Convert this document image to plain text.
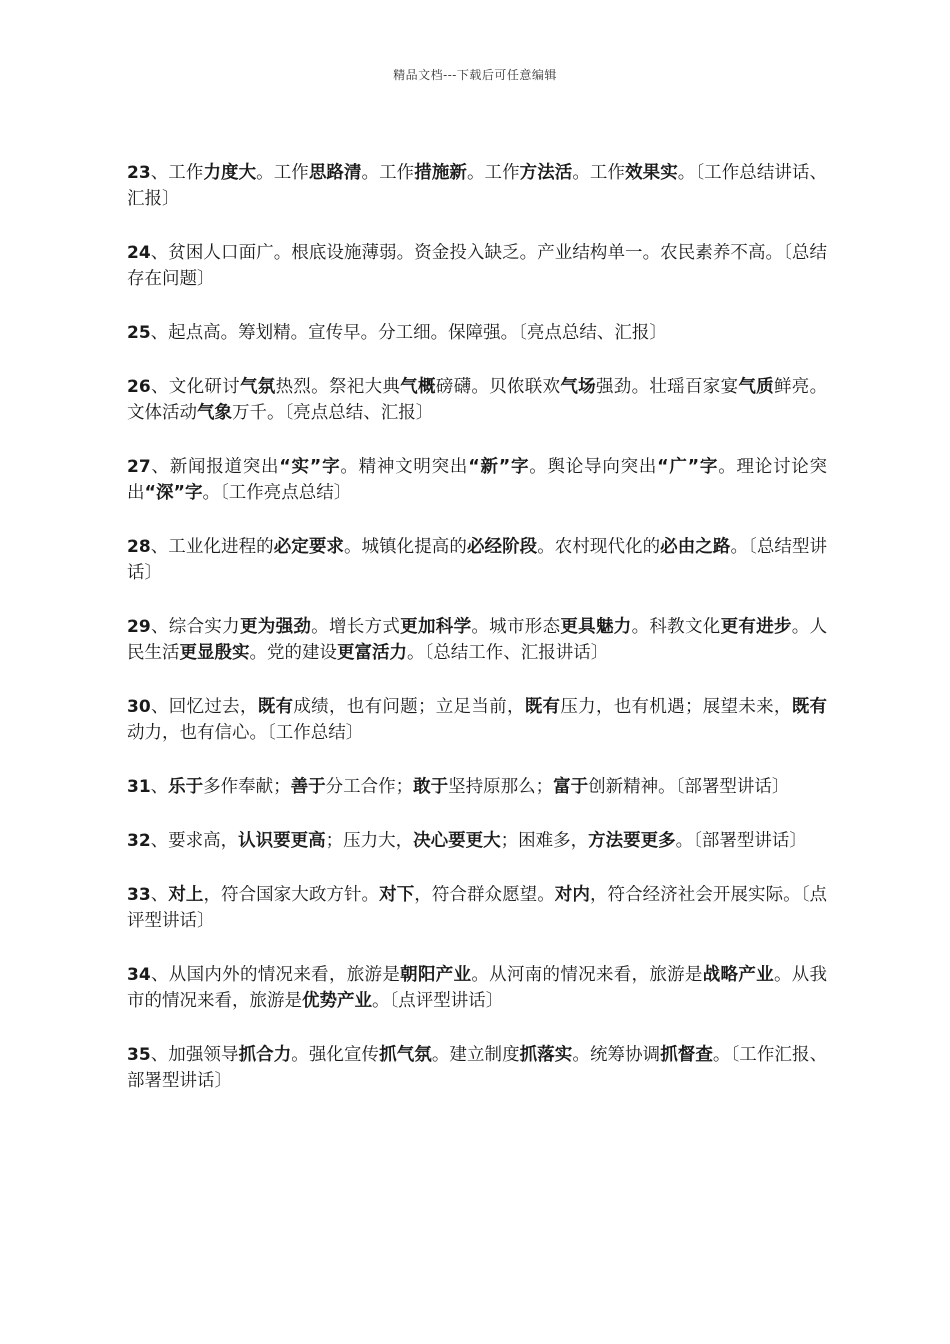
精品文档---下载后可任意编辑

23、工作力度大。工作思路清。工作措施新。工作方法活。工作效果实。〔工作总结讲话、汇报〕

24、贫困人口面广。根底设施薄弱。资金投入缺乏。产业结构单一。农民素养不高。〔总结存在问题〕

25、起点高。筹划精。宣传早。分工细。保障强。〔亮点总结、汇报〕

26、文化研讨气氛热烈。祭祀大典气概磅礴。贝侬联欢气场强劲。壮瑶百家宴气质鲜亮。文体活动气象万千。〔亮点总结、汇报〕

27、新闻报道突出“实”字。精神文明突出“新”字。舆论导向突出“广”字。理论讨论突出“深”字。〔工作亮点总结〕

28、工业化进程的必定要求。城镇化提高的必经阶段。农村现代化的必由之路。〔总结型讲话〕

29、综合实力更为强劲。增长方式更加科学。城市形态更具魅力。科教文化更有进步。人民生活更显殷实。党的建设更富活力。〔总结工作、汇报讲话〕

30、回忆过去，既有成绩，也有问题；立足当前，既有压力，也有机遇；展望未来，既有动力，也有信心。〔工作总结〕

31、乐于多作奉献；善于分工合作；敢于坚持原那么；富于创新精神。〔部署型讲话〕

32、要求高，认识要更高；压力大，决心要更大；困难多，方法要更多。〔部署型讲话〕

33、对上，符合国家大政方针。对下，符合群众愿望。对内，符合经济社会开展实际。〔点评型讲话〕

34、从国内外的情况来看，旅游是朝阳产业。从河南的情况来看，旅游是战略产业。从我市的情况来看，旅游是优势产业。〔点评型讲话〕

35、加强领导抓合力。强化宣传抓气氛。建立制度抓落实。统筹协调抓督查。〔工作汇报、部署型讲话〕
